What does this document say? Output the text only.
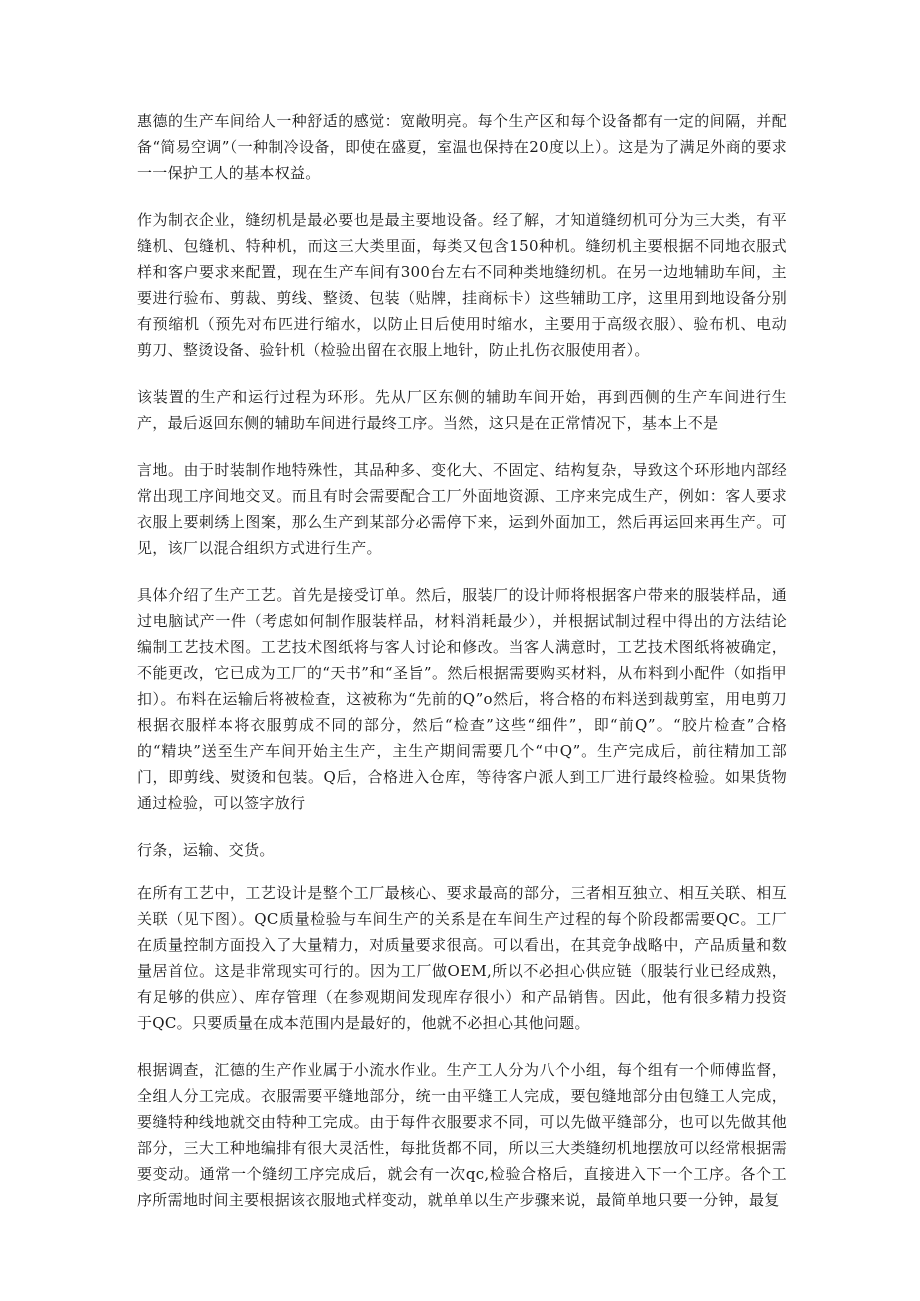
惠德的生产车间给人一种舒适的感觉：宽敞明亮。每个生产区和每个设备都有一定的间隔，并配备“简易空调”（一种制冷设备，即使在盛夏，室温也保持在20度以上）。这是为了满足外商的要求一一保护工人的基本权益。

作为制衣企业，缝纫机是最必要也是最主要地设备。经了解，才知道缝纫机可分为三大类，有平缝机、包缝机、特种机，而这三大类里面，每类又包含150种机。缝纫机主要根据不同地衣服式样和客户要求来配置，现在生产车间有300台左右不同种类地缝纫机。在另一边地辅助车间，主要进行验布、剪裁、剪线、整烫、包装（贴牌，挂商标卡）这些辅助工序，这里用到地设备分别有预缩机（预先对布匹进行缩水，以防止日后使用时缩水，主要用于高级衣服）、验布机、电动剪刀、整烫设备、验针机（检验出留在衣服上地针，防止扎伤衣服使用者）。

该装置的生产和运行过程为环形。先从厂区东侧的辅助车间开始，再到西侧的生产车间进行生产，最后返回东侧的辅助车间进行最终工序。当然，这只是在正常情况下，基本上不是

言地。由于时装制作地特殊性，其品种多、变化大、不固定、结构复杂，导致这个环形地内部经常出现工序间地交叉。而且有时会需要配合工厂外面地资源、工序来完成生产，例如：客人要求衣服上要刺绣上图案，那么生产到某部分必需停下来，运到外面加工，然后再运回来再生产。可见，该厂以混合组织方式进行生产。

具体介绍了生产工艺。首先是接受订单。然后，服装厂的设计师将根据客户带来的服装样品，通过电脑试产一件（考虑如何制作服装样品，材料消耗最少），并根据试制过程中得出的方法结论编制工艺技术图。工艺技术图纸将与客人讨论和修改。当客人满意时，工艺技术图纸将被确定，不能更改，它已成为工厂的“天书”和“圣旨”。然后根据需要购买材料，从布料到小配件（如指甲扣）。布料在运输后将被检查，这被称为“先前的Q”o然后，将合格的布料送到裁剪室，用电剪刀根据衣服样本将衣服剪成不同的部分，然后“检查”这些“细件”，即“前Q”。“胶片检查”合格的“精块”送至生产车间开始主生产，主生产期间需要几个“中Q”。生产完成后，前往精加工部门，即剪线、熨烫和包装。Q后，合格进入仓库，等待客户派人到工厂进行最终检验。如果货物通过检验，可以签字放行

行条，运输、交货。

在所有工艺中，工艺设计是整个工厂最核心、要求最高的部分，三者相互独立、相互关联、相互关联（见下图）。QC质量检验与车间生产的关系是在车间生产过程的每个阶段都需要QC。工厂在质量控制方面投入了大量精力，对质量要求很高。可以看出，在其竞争战略中，产品质量和数量居首位。这是非常现实可行的。因为工厂做OEM,所以不必担心供应链（服装行业已经成熟，有足够的供应）、库存管理（在参观期间发现库存很小）和产品销售。因此，他有很多精力投资于QC。只要质量在成本范围内是最好的，他就不必担心其他问题。

根据调查，汇德的生产作业属于小流水作业。生产工人分为八个小组，每个组有一个师傅监督，全组人分工完成。衣服需要平缝地部分，统一由平缝工人完成，要包缝地部分由包缝工人完成，要缝特种线地就交由特种工完成。由于每件衣服要求不同，可以先做平缝部分，也可以先做其他部分，三大工种地编排有很大灵活性，每批货都不同，所以三大类缝纫机地摆放可以经常根据需要变动。通常一个缝纫工序完成后，就会有一次qc,检验合格后，直接进入下一个工序。各个工序所需地时间主要根据该衣服地式样变动，就单单以生产步骤来说，最简单地只要一分钟，最复
